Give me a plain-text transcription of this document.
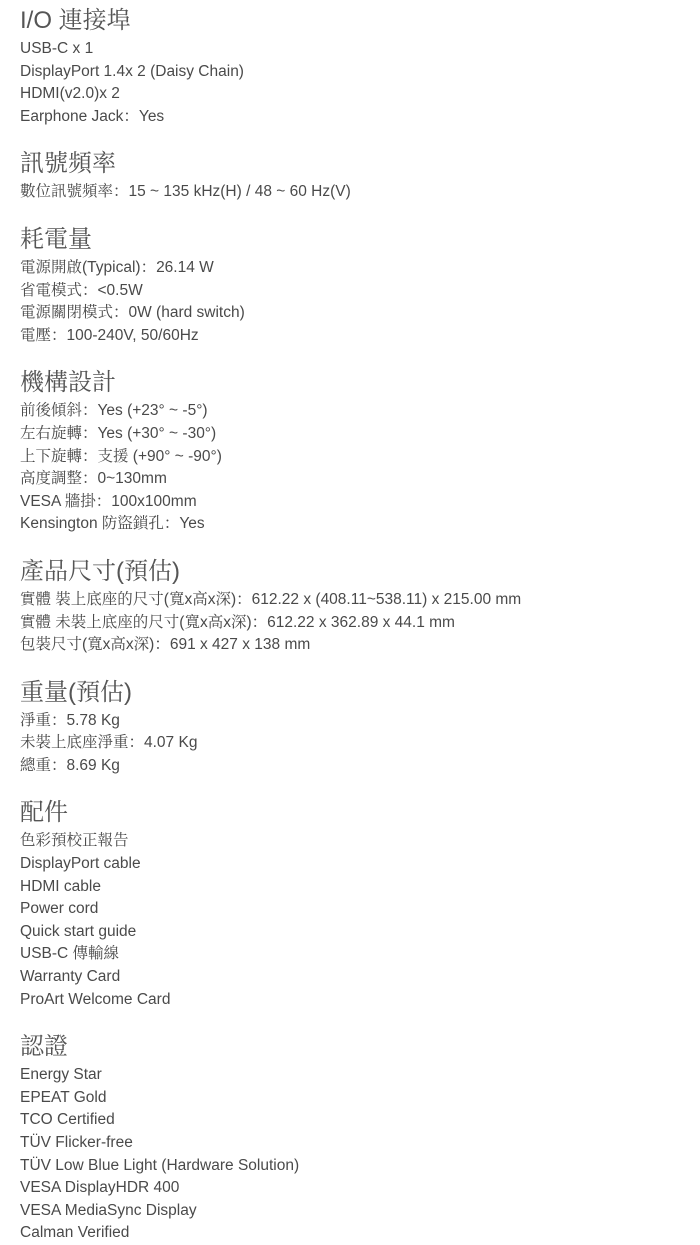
I/O 連接埠
USB-C x 1
DisplayPort 1.4x 2 (Daisy Chain)
HDMI(v2.0)x 2
Earphone Jack：Yes
訊號頻率
數位訊號頻率：15 ~ 135 kHz(H) / 48 ~ 60 Hz(V)
耗電量
電源開啟(Typical)：26.14 W
省電模式：<0.5W
電源關閉模式：0W (hard switch)
電壓：100-240V, 50/60Hz
機構設計
前後傾斜：Yes (+23° ~ -5°)
左右旋轉：Yes (+30° ~ -30°)
上下旋轉：支援 (+90° ~ -90°)
高度調整：0~130mm
VESA 牆掛：100x100mm
Kensington 防盜鎖孔：Yes
產品尺寸(預估)
實體 裝上底座的尺寸(寬x高x深)：612.22 x (408.11~538.11) x 215.00 mm
實體 未裝上底座的尺寸(寬x高x深)：612.22 x 362.89 x 44.1 mm
包裝尺寸(寬x高x深)：691 x 427 x 138 mm
重量(預估)
淨重：5.78 Kg
未裝上底座淨重：4.07 Kg
總重：8.69 Kg
配件
色彩預校正報告
DisplayPort cable
HDMI cable
Power cord
Quick start guide
USB-C 傳輸線
Warranty Card
ProArt Welcome Card
認證
Energy Star
EPEAT Gold
TCO Certified
TÜV Flicker-free
TÜV Low Blue Light (Hardware Solution)
VESA DisplayHDR 400
VESA MediaSync Display
Calman Verified
